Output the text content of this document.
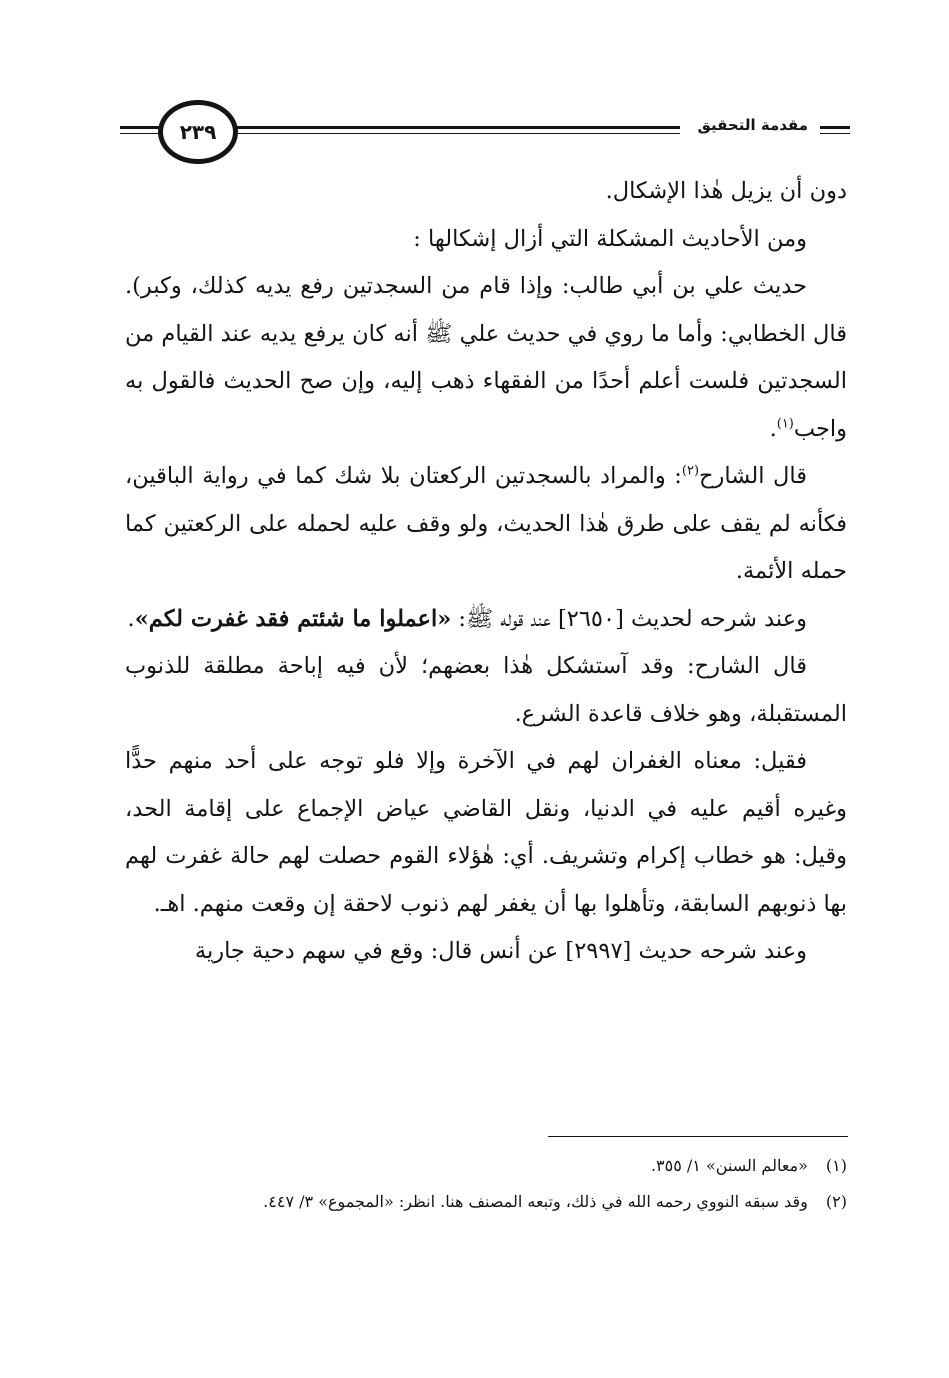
٢٣٩	مقدمة التحقيق

دون أن يزيل هٰذا الإشكال.

ومن الأحاديث المشكلة التي أزال إشكالها :

حديث علي بن أبي طالب: وإذا قام من السجدتين رفع يديه كذلك، وكبر). قال الخطابي: وأما ما روي في حديث علي ﷺ أنه كان يرفع يديه عند القيام من السجدتين فلست أعلم أحدًا من الفقهاء ذهب إليه، وإن صح الحديث فالقول به واجب$^{(١)}$.

قال الشارح$^{(٢)}$: والمراد بالسجدتين الركعتان بلا شك كما في رواية الباقين، فكأنه لم يقف على طرق هٰذا الحديث، ولو وقف عليه لحمله على الركعتين كما حمله الأئمة.

وعند شرحه لحديث [٢٦٥٠] عند قوله ﷺ: «اعملوا ما شئتم فقد غفرت لكم».

قال الشارح: وقد آستشكل هٰذا بعضهم؛ لأن فيه إباحة مطلقة للذنوب المستقبلة، وهو خلاف قاعدة الشرع.

فقيل: معناه الغفران لهم في الآخرة وإلا فلو توجه على أحد منهم حدًّا وغيره أقيم عليه في الدنيا، ونقل القاضي عياض الإجماع على إقامة الحد، وقيل: هو خطاب إكرام وتشريف. أي: هٰؤلاء القوم حصلت لهم حالة غفرت لهم بها ذنوبهم السابقة، وتأهلوا بها أن يغفر لهم ذنوب لاحقة إن وقعت منهم. اهـ.

وعند شرحه حديث [٢٩٩٧] عن أنس قال: وقع في سهم دحية جارية

(١) «معالم السنن» ١/ ٣٥٥.

(٢) وقد سبقه النووي رحمه الله في ذلك، وتبعه المصنف هنا. انظر: «المجموع» ٣/ ٤٤٧.
